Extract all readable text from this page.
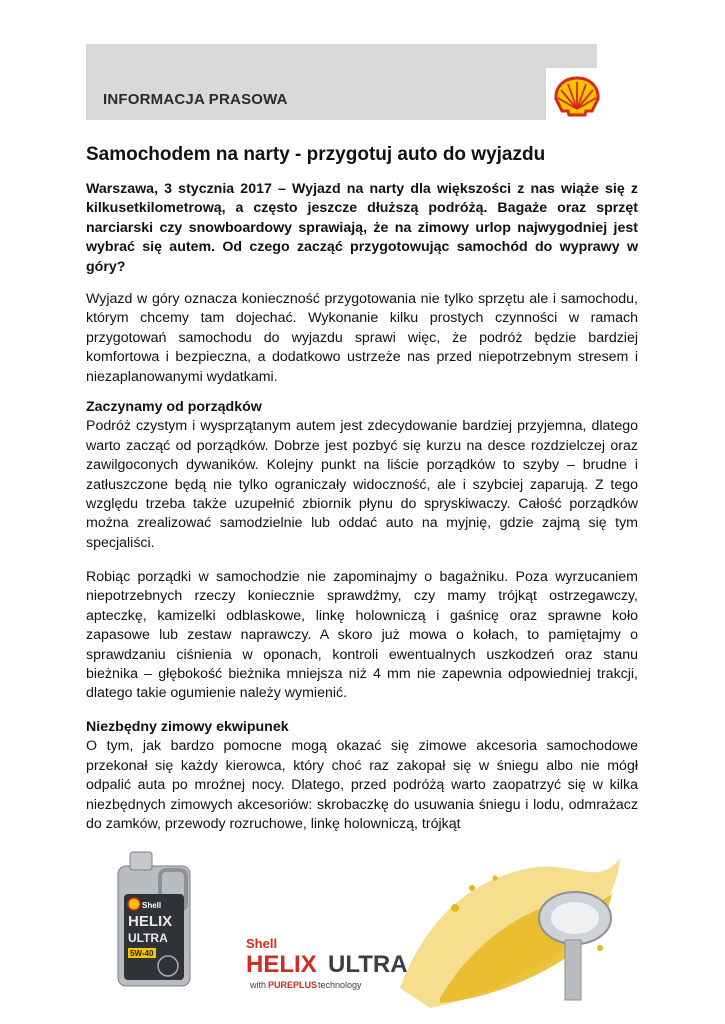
INFORMACJA PRASOWA
Samochodem na narty - przygotuj auto do wyjazdu
Warszawa, 3 stycznia 2017 – Wyjazd na narty dla większości z nas wiąże się z kilkusetkilometrową, a często jeszcze dłuższą podróżą. Bagaże oraz sprzęt narciarski czy snowboardowy sprawiają, że na zimowy urlop najwygodniej jest wybrać się autem. Od czego zacząć przygotowując samochód do wyprawy w góry?
Wyjazd w góry oznacza konieczność przygotowania nie tylko sprzętu ale i samochodu, którym chcemy tam dojechać. Wykonanie kilku prostych czynności w ramach przygotowań samochodu do wyjazdu sprawi więc, że podróż będzie bardziej komfortowa i bezpieczna, a dodatkowo ustrzeże nas przed niepotrzebnym stresem i niezaplanowanymi wydatkami.
Zaczynamy od porządków
Podróż czystym i wysprzątanym autem jest zdecydowanie bardziej przyjemna, dlatego warto zacząć od porządków. Dobrze jest pozbyć się kurzu na desce rozdzielczej oraz zawilgoconych dywaników. Kolejny punkt na liście porządków to szyby – brudne i zatłuszczone będą nie tylko ograniczały widoczność, ale i szybciej zaparują. Z tego względu trzeba także uzupełnić zbiornik płynu do spryskiwaczy. Całość porządków można zrealizować samodzielnie lub oddać auto na myjnię, gdzie zajmą się tym specjaliści.
Robiąc porządki w samochodzie nie zapominajmy o bagażniku. Poza wyrzucaniem niepotrzebnych rzeczy koniecznie sprawdźmy, czy mamy trójkąt ostrzegawczy, apteczkę, kamizelki odblaskowe, linkę holowniczą i gaśnicę oraz sprawne koło zapasowe lub zestaw naprawczy. A skoro już mowa o kołach, to pamiętajmy o sprawdzaniu ciśnienia w oponach, kontroli ewentualnych uszkodzeń oraz stanu bieżnika – głębokość bieżnika mniejsza niż 4 mm nie zapewnia odpowiedniej trakcji, dlatego takie ogumienie należy wymienić.
Niezbędny zimowy ekwipunek
O tym, jak bardzo pomocne mogą okazać się zimowe akcesoria samochodowe przekonał się każdy kierowca, który choć raz zakopał się w śniegu albo nie mógł odpalić auta po mroźnej nocy. Dlatego, przed podróżą warto zaopatrzyć się w kilka niezbędnych zimowych akcesoriów: skrobaczkę do usuwania śniegu i lodu, odmrażacz do zamków, przewody rozruchowe, linkę holowniczą, trójkąt
Shell
HELIX
ULTRA
5W-40
Shell
HELIX ULTRA
with PUREPLUS technology
